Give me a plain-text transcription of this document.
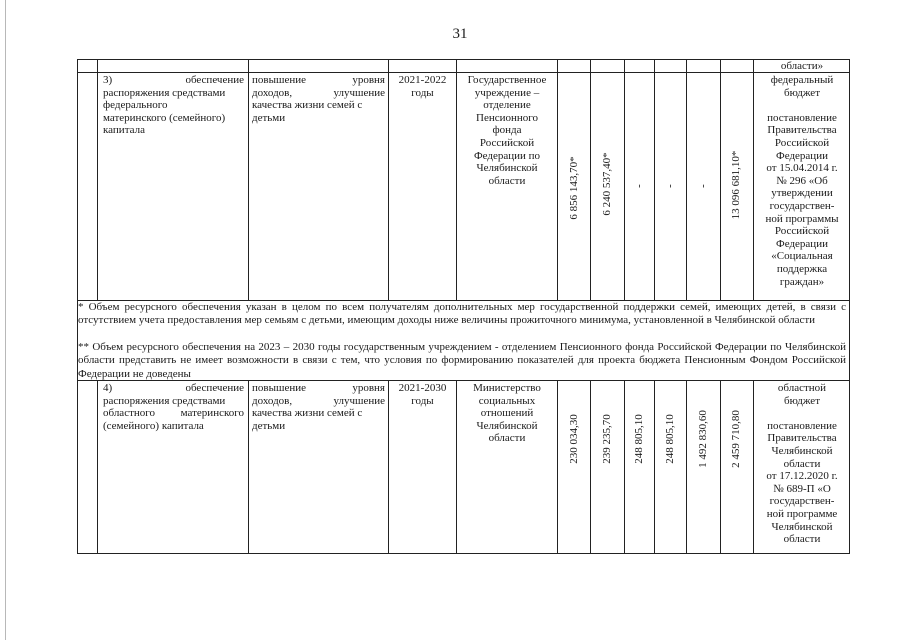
31
области»
3) обеспечение
распоряжения средствами
федерального
материнского (семейного)
капитала
повышение уровня
доходов, улучшение
качества жизни семей с
детьми
2021-2022
годы
Государственное
учреждение –
отделение
Пенсионного
фонда
Российской
Федерации по
Челябинской
области	6 856 143,70* 6 240 537,40* - - - 13 096 681,10*
федеральный
бюджет
постановление
Правительства
Российской
Федерации
от 15.04.2014 г.
№ 296 «Об
утверждении
государствен-
ной программы
Российской
Федерации
«Социальная
поддержка
граждан»
* Объем ресурсного обеспечения указан в целом по всем получателям дополнительных мер государственной поддержки семей, имеющих детей, в связи с отсутствием учета предоставления мер семьям с детьми, имеющим доходы ниже величины прожиточного минимума, установленной в Челябинской области
** Объем ресурсного обеспечения на 2023 – 2030 годы государственным учреждением - отделением Пенсионного фонда Российской Федерации по Челябинской области представить не имеет возможности в связи с тем, что условия по формированию показателей для проекта бюджета Пенсионным Фондом Российской Федерации не доведены
4) обеспечение
распоряжения средствами
областного материнского
(семейного) капитала
повышение уровня
доходов, улучшение
качества жизни семей с
детьми
2021-2030
годы
Министерство
социальных
отношений
Челябинской
области	230 034,30 239 235,70 248 805,10 248 805,10 1 492 830,60 2 459 710,80
областной
бюджет
постановление
Правительства
Челябинской
области
от 17.12.2020 г.
№ 689-П «О
государствен-
ной программе
Челябинской
области
